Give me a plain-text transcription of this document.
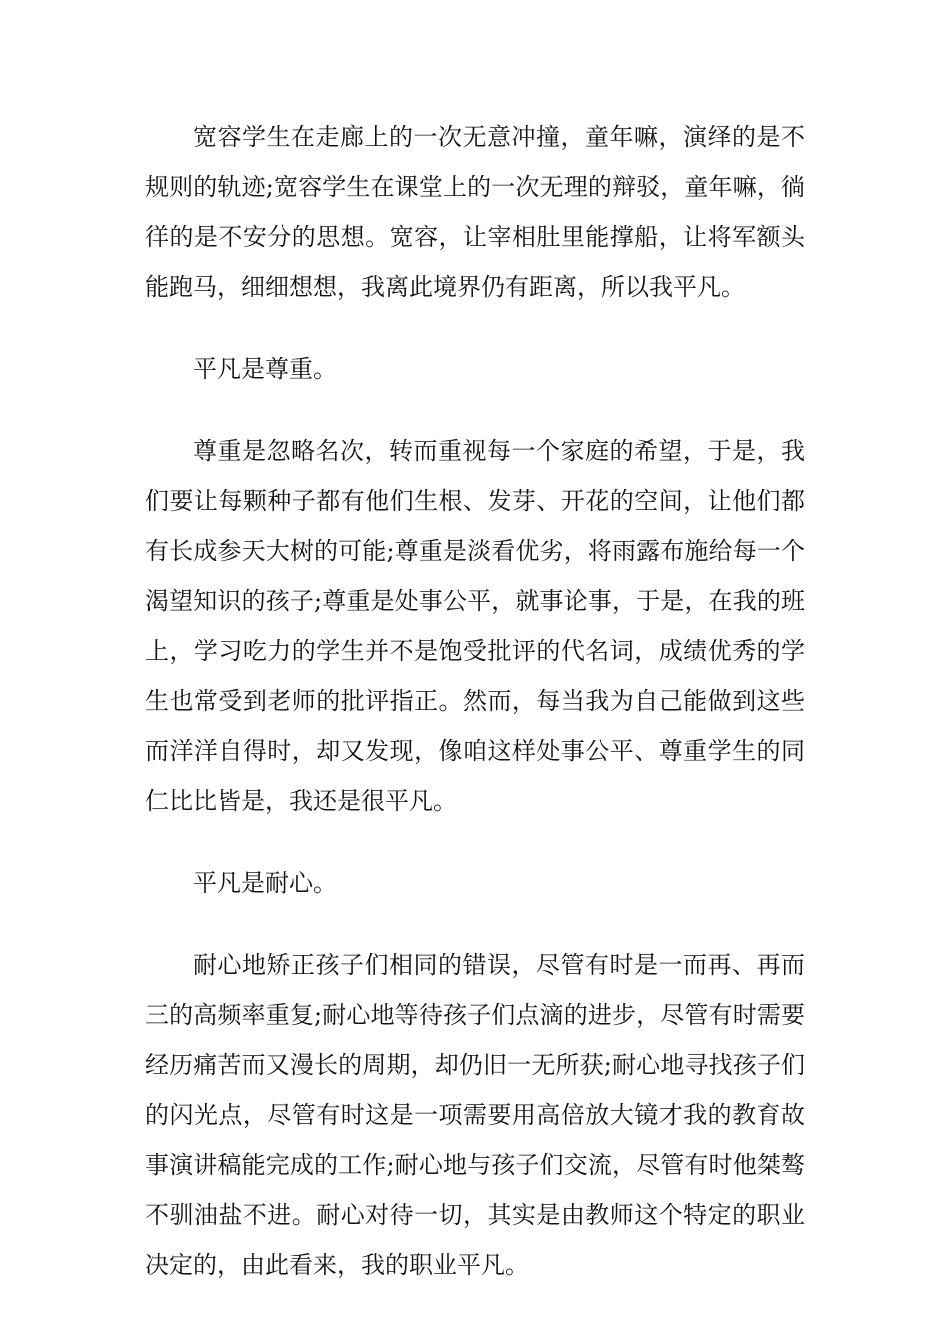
宽容学生在走廊上的一次无意冲撞，童年嘛，演绎的是不规则的轨迹;宽容学生在课堂上的一次无理的辩驳，童年嘛，徜徉的是不安分的思想。宽容，让宰相肚里能撑船，让将军额头能跑马，细细想想，我离此境界仍有距离，所以我平凡。

平凡是尊重。

尊重是忽略名次，转而重视每一个家庭的希望，于是，我们要让每颗种子都有他们生根、发芽、开花的空间，让他们都有长成参天大树的可能;尊重是淡看优劣，将雨露布施给每一个渴望知识的孩子;尊重是处事公平，就事论事，于是，在我的班上，学习吃力的学生并不是饱受批评的代名词，成绩优秀的学生也常受到老师的批评指正。然而，每当我为自己能做到这些而洋洋自得时，却又发现，像咱这样处事公平、尊重学生的同仁比比皆是，我还是很平凡。

平凡是耐心。

耐心地矫正孩子们相同的错误，尽管有时是一而再、再而三的高频率重复;耐心地等待孩子们点滴的进步，尽管有时需要经历痛苦而又漫长的周期，却仍旧一无所获;耐心地寻找孩子们的闪光点，尽管有时这是一项需要用高倍放大镜才我的教育故事演讲稿能完成的工作;耐心地与孩子们交流，尽管有时他桀骜不驯油盐不进。耐心对待一切，其实是由教师这个特定的职业决定的，由此看来，我的职业平凡。
